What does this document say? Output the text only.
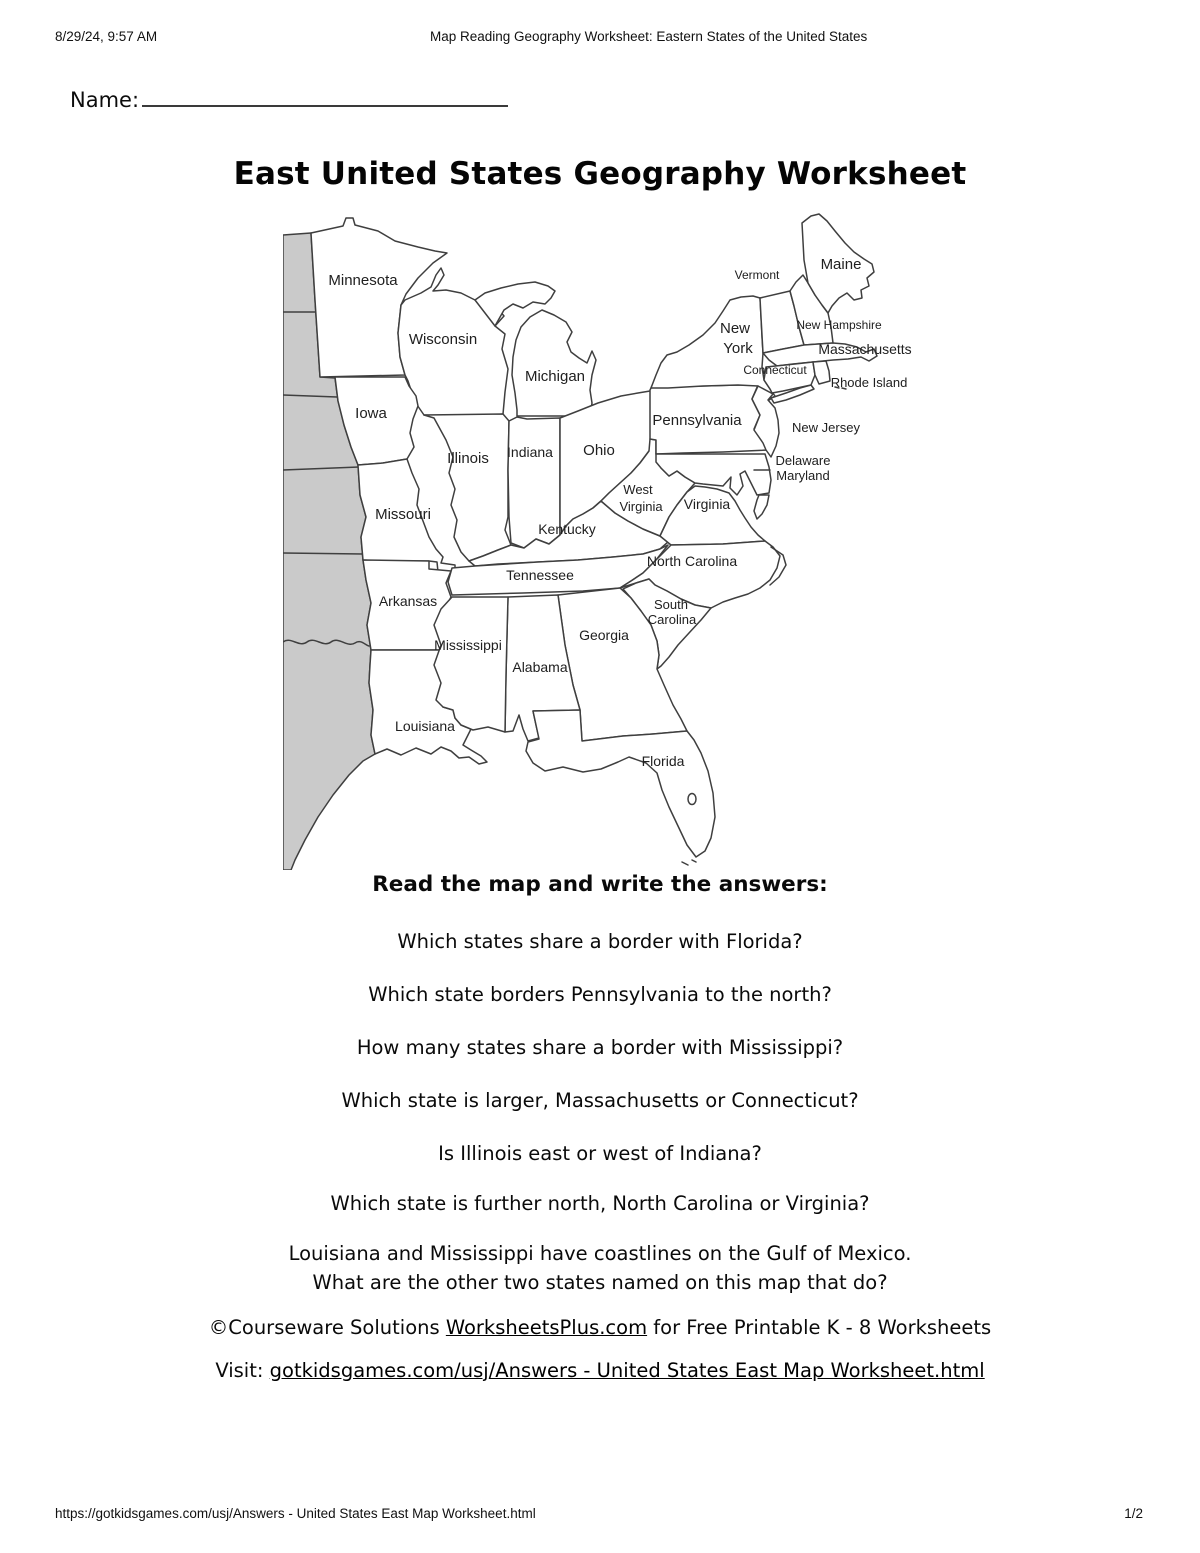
8/29/24, 9:57 AM	Map Reading Geography Worksheet: Eastern States of the United States
Name:
East United States Geography Worksheet
Minnesota
Wisconsin
Michigan
Iowa
Illinois Indiana Ohio
Missouri
Kentucky
West
Virginia Virginia
Pennsylvania
New
York
Vermont
Maine
New Hampshire
Massachusetts
Connecticut
Rhode Island
New Jersey
Delaware
Maryland
North Carolina
Tennessee
Arkansas	South
Carolina
Georgia
Mississippi
Alabama
Louisiana
Florida

Read the map and write the answers:

Which states share a border with Florida?

Which state borders Pennsylvania to the north?

How many states share a border with Mississippi?

Which state is larger, Massachusetts or Connecticut?

Is Illinois east or west of Indiana?

Which state is further north, North Carolina or Virginia?

Louisiana and Mississippi have coastlines on the Gulf of Mexico.
What are the other two states named on this map that do?

©Courseware Solutions WorksheetsPlus.com for Free Printable K - 8 Worksheets

Visit: gotkidsgames.com/usj/Answers - United States East Map Worksheet.html

https://gotkidsgames.com/usj/Answers - United States East Map Worksheet.html	1/2
